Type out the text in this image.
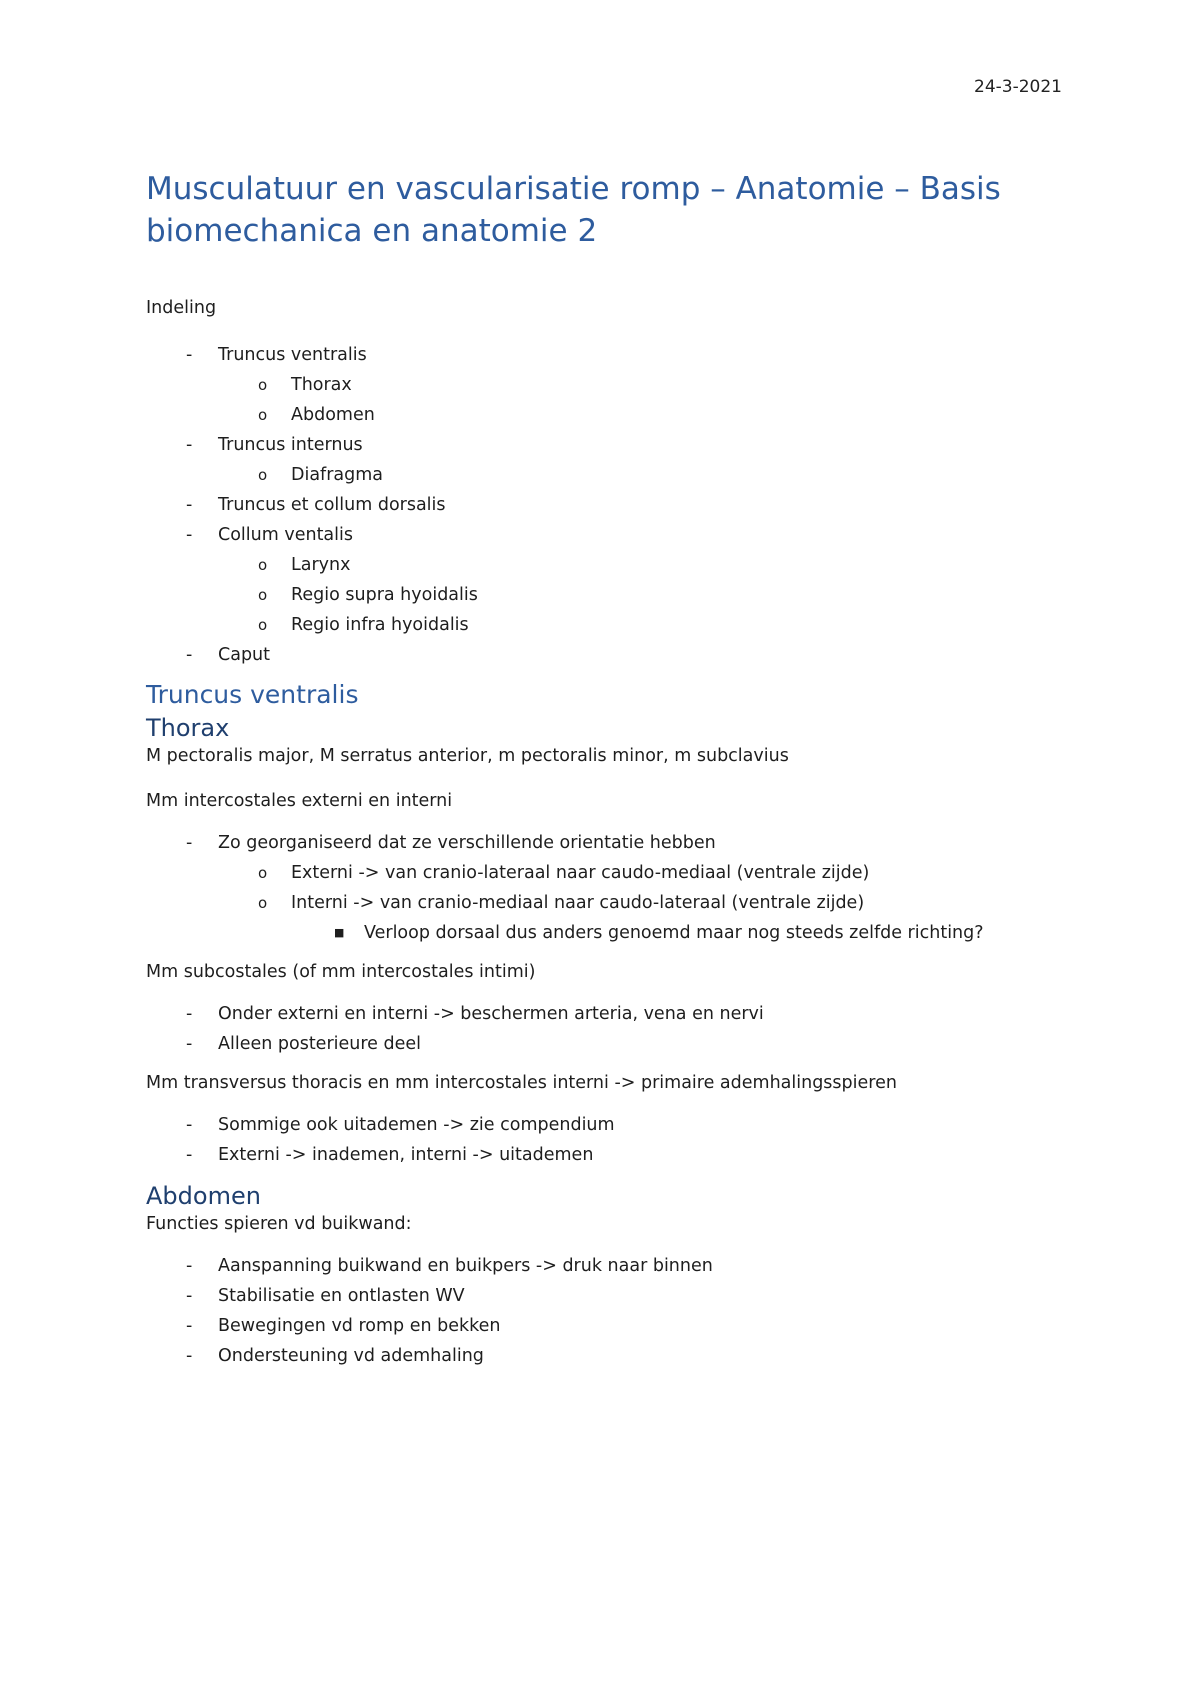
24-3-2021
Musculatuur en vascularisatie romp – Anatomie – Basis biomechanica en anatomie 2

Indeling

- Truncus ventralis
o Thorax
o Abdomen
- Truncus internus
o Diafragma
- Truncus et collum dorsalis
- Collum ventalis
o Larynx
o Regio supra hyoidalis
o Regio infra hyoidalis
- Caput
Truncus ventralis
Thorax

M pectoralis major, M serratus anterior, m pectoralis minor, m subclavius

Mm intercostales externi en interni

- Zo georganiseerd dat ze verschillende orientatie hebben
o Externi -> van cranio-lateraal naar caudo-mediaal (ventrale zijde)
o Interni -> van cranio-mediaal naar caudo-lateraal (ventrale zijde)
■ Verloop dorsaal dus anders genoemd maar nog steeds zelfde richting?

Mm subcostales (of mm intercostales intimi)

- Onder externi en interni -> beschermen arteria, vena en nervi
- Alleen posterieure deel

Mm transversus thoracis en mm intercostales interni -> primaire ademhalingsspieren

- Sommige ook uitademen -> zie compendium
- Externi -> inademen, interni -> uitademen
Abdomen

Functies spieren vd buikwand:

- Aanspanning buikwand en buikpers -> druk naar binnen
- Stabilisatie en ontlasten WV
- Bewegingen vd romp en bekken
- Ondersteuning vd ademhaling
